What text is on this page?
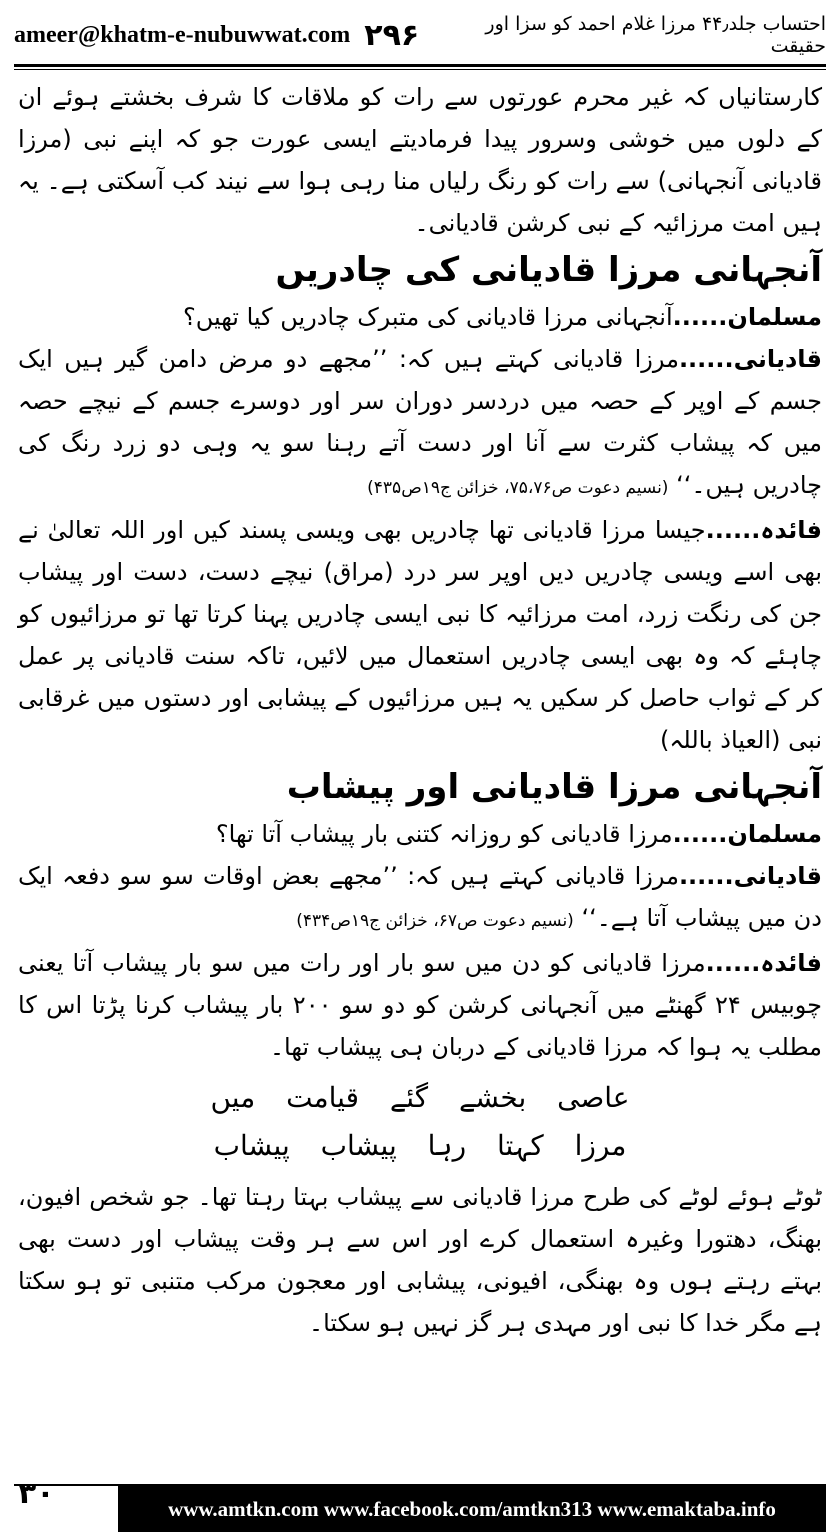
ameer@khatm-e-nubuwwat.com ۲۹۶	احتساب جلد۴۴٫ مرزا غلام احمد کو سزا اور حقیقت

کارستانیاں کہ غیر محرم عورتوں سے رات کو ملاقات کا شرف بخشتے ہوئے ان کے دلوں میں خوشی وسرور پیدا فرمادیتے ایسی عورت جو کہ اپنے نبی (مرزا قادیانی آنجہانی) سے رات کو رنگ رلیاں منا رہی ہوا سے نیند کب آسکتی ہے۔ یہ ہیں امت مرزائیہ کے نبی کرشن قادیانی۔

آنجہانی مرزا قادیانی کی چادریں

مسلمان......آنجہانی مرزا قادیانی کی متبرک چادریں کیا تھیں؟

قادیانی......مرزا قادیانی کہتے ہیں کہ: ’’مجھے دو مرض دامن گیر ہیں ایک جسم کے اوپر کے حصہ میں دردسر دوران سر اور دوسرے جسم کے نیچے حصہ میں کہ پیشاب کثرت سے آنا اور دست آتے رہنا سو یہ وہی دو زرد رنگ کی چادریں ہیں۔‘‘ (نسیم دعوت ص۷۵،۷۶، خزائن ج۱۹ص۴۳۵)

فائدہ......جیسا مرزا قادیانی تھا چادریں بھی ویسی پسند کیں اور اللہ تعالیٰ نے بھی اسے ویسی چادریں دیں اوپر سر درد (مراق) نیچے دست، دست اور پیشاب جن کی رنگت زرد، امت مرزائیہ کا نبی ایسی چادریں پہنا کرتا تھا تو مرزائیوں کو چاہئے کہ وہ بھی ایسی چادریں استعمال میں لائیں، تاکہ سنت قادیانی پر عمل کر کے ثواب حاصل کر سکیں یہ ہیں مرزائیوں کے پیشابی اور دستوں میں غرقابی نبی (العیاذ باللہ)

آنجہانی مرزا قادیانی اور پیشاب

مسلمان......مرزا قادیانی کو روزانہ کتنی بار پیشاب آتا تھا؟

قادیانی......مرزا قادیانی کہتے ہیں کہ: ’’مجھے بعض اوقات سو سو دفعہ ایک دن میں پیشاب آتا ہے۔‘‘ (نسیم دعوت ص۶۷، خزائن ج۱۹ص۴۳۴)

فائدہ......مرزا قادیانی کو دن میں سو بار اور رات میں سو بار پیشاب آتا یعنی چوبیس ۲۴ گھنٹے میں آنجہانی کرشن کو دو سو ۲۰۰ بار پیشاب کرنا پڑتا اس کا مطلب یہ ہوا کہ مرزا قادیانی کے دربان ہی پیشاب تھا۔

عاصی بخشے گئے قیامت میں
مرزا کہتا رہا پیشاب پیشاب

ٹوٹے ہوئے لوٹے کی طرح مرزا قادیانی سے پیشاب بہتا رہتا تھا۔ جو شخص افیون، بھنگ، دھتورا وغیرہ استعمال کرے اور اس سے ہر وقت پیشاب اور دست بھی بہتے رہتے ہوں وہ بھنگی، افیونی، پیشابی اور معجون مرکب متنبی تو ہو سکتا ہے مگر خدا کا نبی اور مہدی ہر گز نہیں ہو سکتا۔

۳۰	www.amtkn.com www.facebook.com/amtkn313 www.emaktaba.info
